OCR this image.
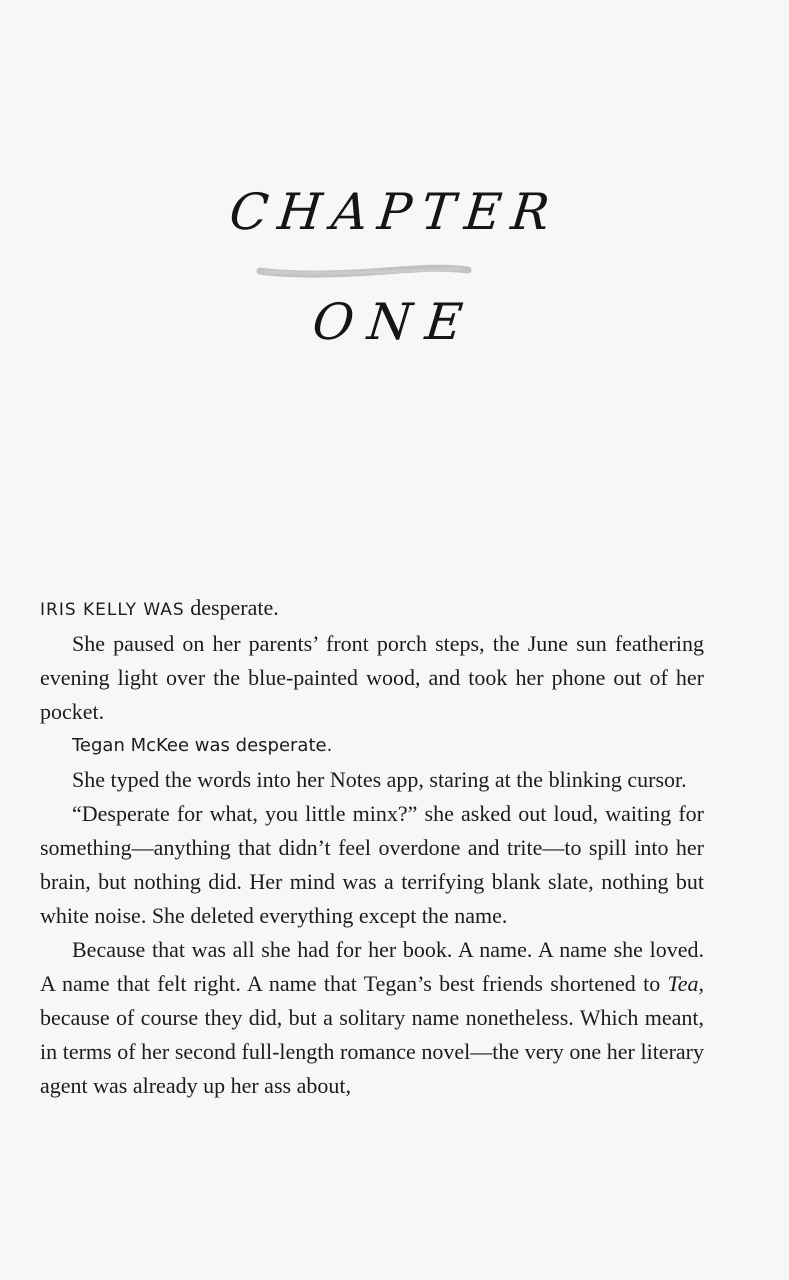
CHAPTER
ONE

IRIS KELLY WAS desperate.

She paused on her parents’ front porch steps, the June sun feathering evening light over the blue-painted wood, and took her phone out of her pocket.

Tegan McKee was desperate.

She typed the words into her Notes app, staring at the blinking cursor.

“Desperate for what, you little minx?” she asked out loud, waiting for something—anything that didn’t feel overdone and trite—to spill into her brain, but nothing did. Her mind was a terrifying blank slate, nothing but white noise. She deleted everything except the name.

Because that was all she had for her book. A name. A name she loved. A name that felt right. A name that Tegan’s best friends shortened to Tea, because of course they did, but a solitary name nonetheless. Which meant, in terms of her second full-length romance novel—the very one her literary agent was already up her ass about,
